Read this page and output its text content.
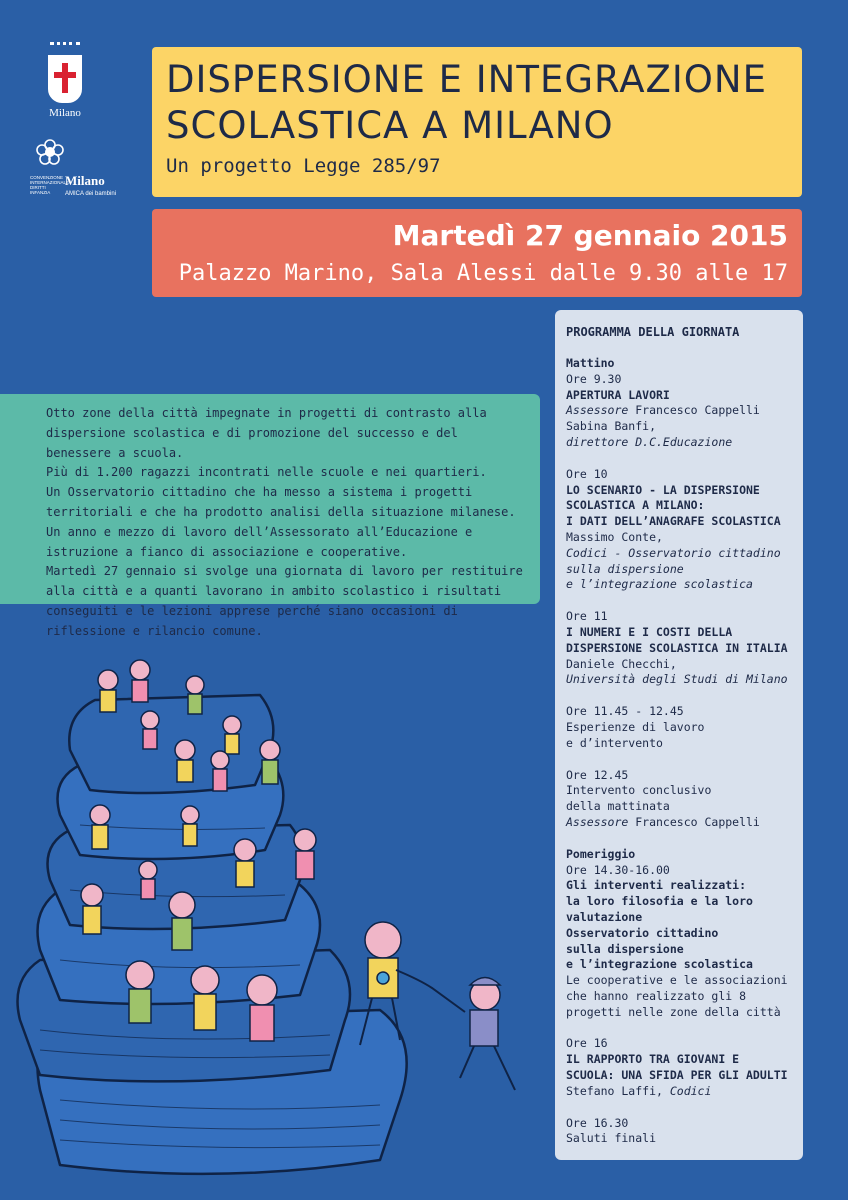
Milano
CONVENZIONE INTERNAZIONALE DIRITTI INFANZIA
Milano
AMICA dei bambini
DISPERSIONE E INTEGRAZIONE
SCOLASTICA A MILANO
Un progetto Legge 285/97
Martedì 27 gennaio 2015
Palazzo Marino, Sala Alessi dalle 9.30 alle 17

Otto zone della città impegnate in progetti di contrasto alla dispersione scolastica e di promozione del successo e del benessere a scuola.

Più di 1.200 ragazzi incontrati nelle scuole e nei quartieri.

Un Osservatorio cittadino che ha messo a sistema i progetti territoriali e che ha prodotto analisi della situazione milanese.

Un anno e mezzo di lavoro dell’Assessorato all’Educazione e istruzione a fianco di associazione e cooperative.

Martedì 27 gennaio si svolge una giornata di lavoro per restituire alla città e a quanti lavorano in ambito scolastico i risultati conseguiti e le lezioni apprese perché siano occasioni di riflessione e rilancio comune.

PROGRAMMA DELLA GIORNATA
Mattino
Ore 9.30
APERTURA LAVORI
Assessore Francesco Cappelli
Sabina Banfi,
direttore D.C.Educazione
Ore 10
LO SCENARIO - LA DISPERSIONE
SCOLASTICA A MILANO:
I DATI DELL’ANAGRAFE SCOLASTICA
Massimo Conte,
Codici - Osservatorio cittadino
sulla dispersione
e l’integrazione scolastica
Ore 11
I NUMERI E I COSTI DELLA
DISPERSIONE SCOLASTICA IN ITALIA
Daniele Checchi,
Università degli Studi di Milano
Ore 11.45 - 12.45
Esperienze di lavoro
e d’intervento
Ore 12.45
Intervento conclusivo
della mattinata
Assessore Francesco Cappelli
Pomeriggio
Ore 14.30-16.00
Gli interventi realizzati:
la loro filosofia e la loro
valutazione
Osservatorio cittadino
sulla dispersione
e l’integrazione scolastica
Le cooperative e le associazioni
che hanno realizzato gli 8
progetti nelle zone della città
Ore 16
IL RAPPORTO TRA GIOVANI E
SCUOLA: UNA SFIDA PER GLI ADULTI
Stefano Laffi, Codici
Ore 16.30
Saluti finali
